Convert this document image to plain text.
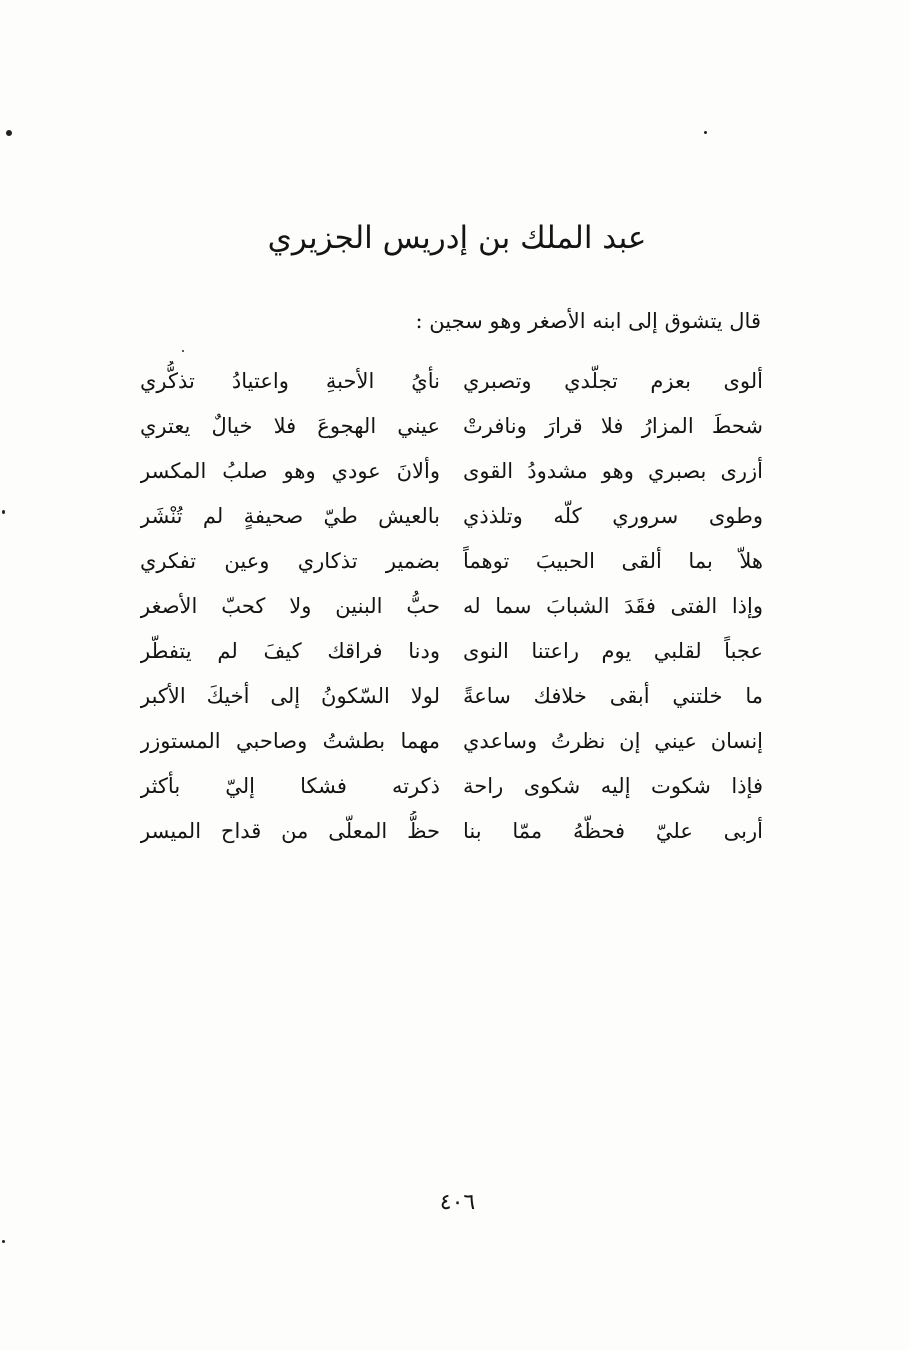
عبد الملك بن إدريس الجزيري

قال يتشوق إلى ابنه الأصغر وهو سجين :

ألوى بعزم تجلّدي وتصبري
نأيُ الأحبةِ واعتيادُ تذكُّري
شحطَ المزارُ فلا قرارَ ونافرتْ
عيني الهجوعَ فلا خيالٌ يعتري
أزرى بصبري وهو مشدودُ القوى
وألانَ عودي وهو صلبُ المكسر
وطوى سروري كلّه وتلذذي
بالعيش طيّ صحيفةٍ لم تُنْشَر
هلاّ بما ألقى الحبيبَ توهماً
بضمير تذكاري وعين تفكري
وإذا الفتى فقَدَ الشبابَ سما له
حبُّ البنين ولا كحبّ الأصغر
عجباً لقلبي يوم راعتنا النوى
ودنا فراقك كيفَ لم يتفطّر
ما خلتني أبقى خلافك ساعةً
لولا السّكونُ إلى أخيكَ الأكبر
إنسان عيني إن نظرتُ وساعدي
مهما بطشتُ وصاحبي المستوزر
فإذا شكوت إليه شكوى راحة
ذكرته فشكا إليّ بأكثر
أربى عليّ فحظّهُ ممّا بنا
حظُّ المعلّى من قداح الميسر
٤٠٦
